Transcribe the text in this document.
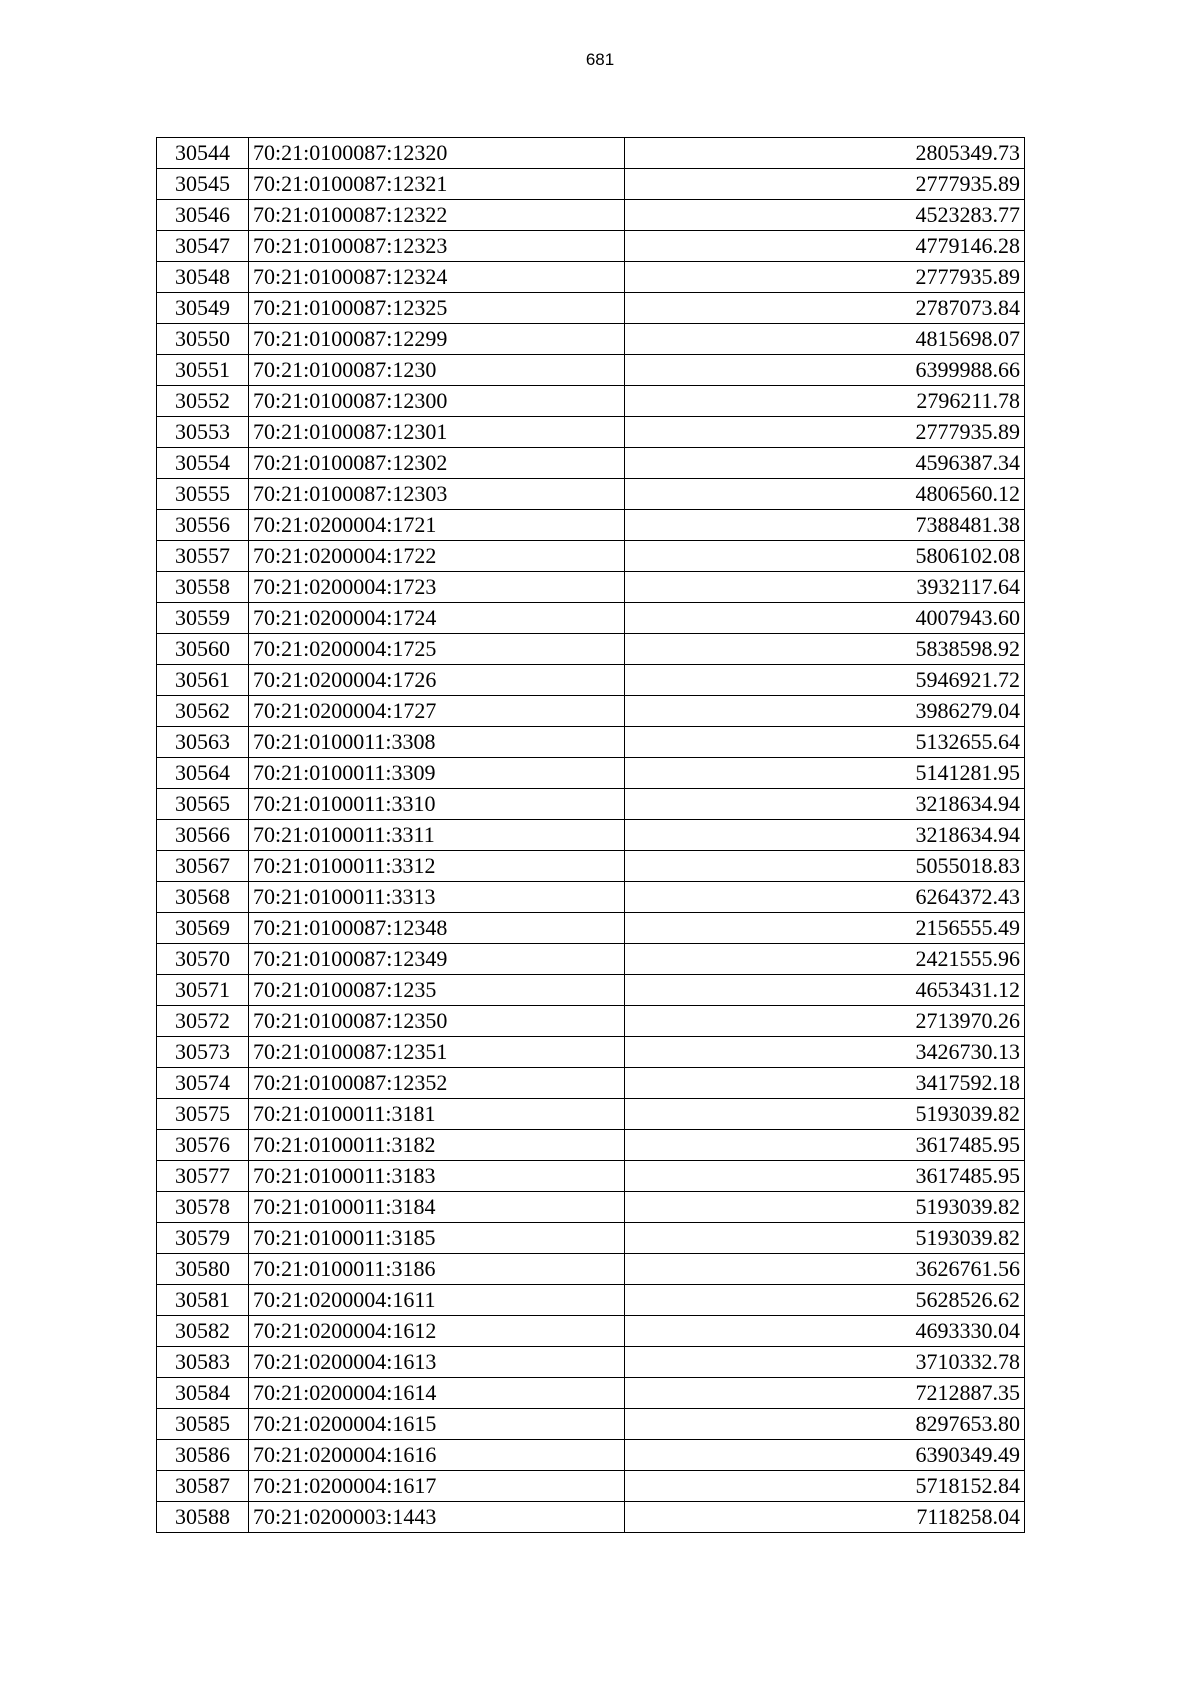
681
30544	70:21:0100087:12320	2805349.73
30545	70:21:0100087:12321	2777935.89
30546	70:21:0100087:12322	4523283.77
30547	70:21:0100087:12323	4779146.28
30548	70:21:0100087:12324	2777935.89
30549	70:21:0100087:12325	2787073.84
30550	70:21:0100087:12299	4815698.07
30551	70:21:0100087:1230	6399988.66
30552	70:21:0100087:12300	2796211.78
30553	70:21:0100087:12301	2777935.89
30554	70:21:0100087:12302	4596387.34
30555	70:21:0100087:12303	4806560.12
30556	70:21:0200004:1721	7388481.38
30557	70:21:0200004:1722	5806102.08
30558	70:21:0200004:1723	3932117.64
30559	70:21:0200004:1724	4007943.60
30560	70:21:0200004:1725	5838598.92
30561	70:21:0200004:1726	5946921.72
30562	70:21:0200004:1727	3986279.04
30563	70:21:0100011:3308	5132655.64
30564	70:21:0100011:3309	5141281.95
30565	70:21:0100011:3310	3218634.94
30566	70:21:0100011:3311	3218634.94
30567	70:21:0100011:3312	5055018.83
30568	70:21:0100011:3313	6264372.43
30569	70:21:0100087:12348	2156555.49
30570	70:21:0100087:12349	2421555.96
30571	70:21:0100087:1235	4653431.12
30572	70:21:0100087:12350	2713970.26
30573	70:21:0100087:12351	3426730.13
30574	70:21:0100087:12352	3417592.18
30575	70:21:0100011:3181	5193039.82
30576	70:21:0100011:3182	3617485.95
30577	70:21:0100011:3183	3617485.95
30578	70:21:0100011:3184	5193039.82
30579	70:21:0100011:3185	5193039.82
30580	70:21:0100011:3186	3626761.56
30581	70:21:0200004:1611	5628526.62
30582	70:21:0200004:1612	4693330.04
30583	70:21:0200004:1613	3710332.78
30584	70:21:0200004:1614	7212887.35
30585	70:21:0200004:1615	8297653.80
30586	70:21:0200004:1616	6390349.49
30587	70:21:0200004:1617	5718152.84
30588	70:21:0200003:1443	7118258.04
